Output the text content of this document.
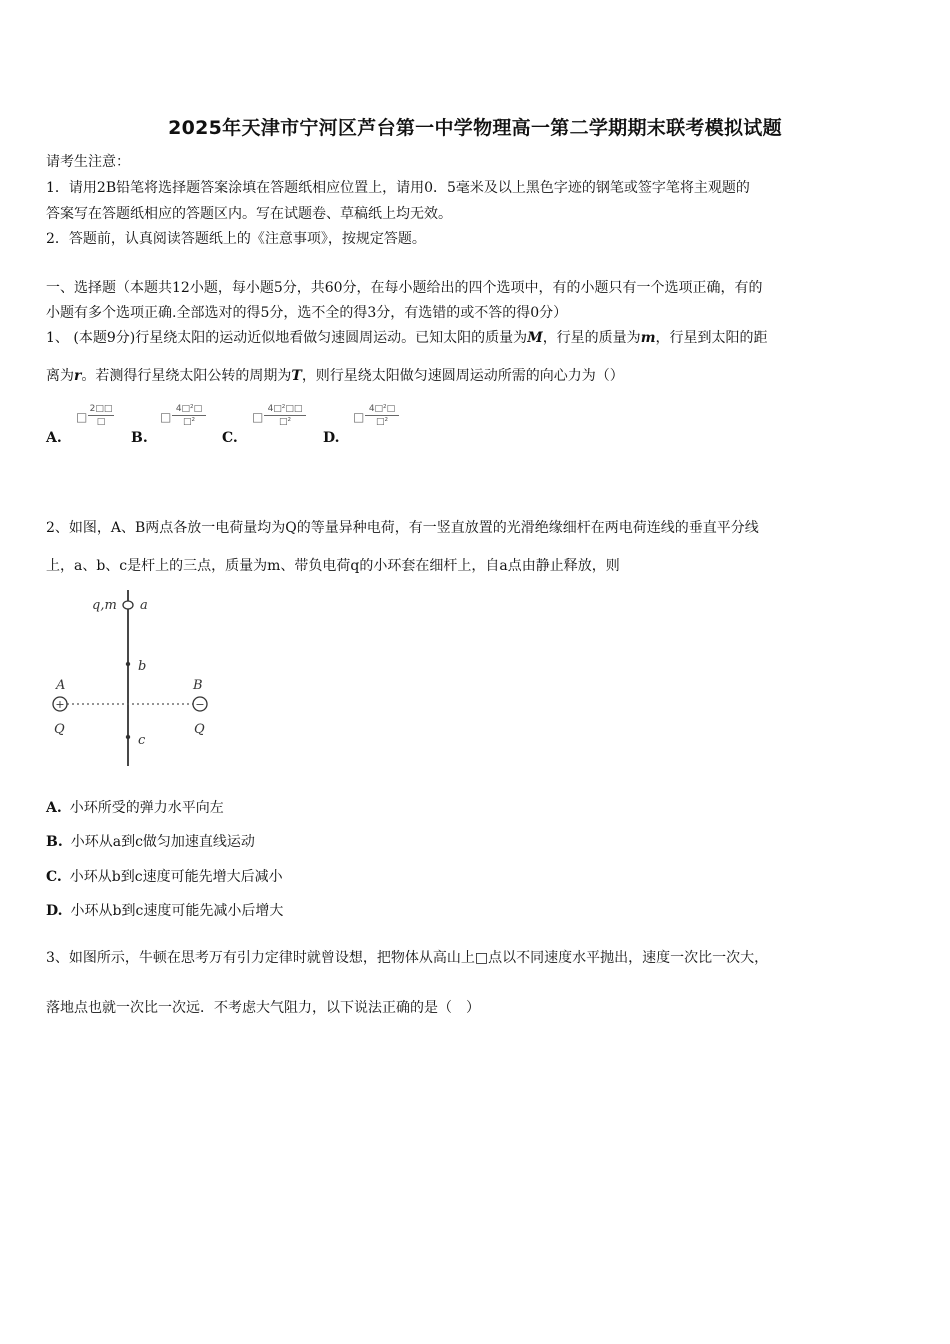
2025年天津市宁河区芦台第一中学物理高一第二学期期末联考模拟试题
请考生注意：
1．请用2B铅笔将选择题答案涂填在答题纸相应位置上，请用0．5毫米及以上黑色字迹的钢笔或签字笔将主观题的
答案写在答题纸相应的答题区内。写在试题卷、草稿纸上均无效。
2．答题前，认真阅读答题纸上的《注意事项》，按规定答题。
一、选择题（本题共12小题，每小题5分，共60分，在每小题给出的四个选项中，有的小题只有一个选项正确，有的
小题有多个选项正确.全部选对的得5分，选不全的得3分，有选错的或不答的得0分）
1、 (本题9分)行星绕太阳的运动近似地看做匀速圆周运动。已知太阳的质量为M，行星的质量为m，行星到太阳的距
离为r。若测得行星绕太阳公转的周期为T，则行星绕太阳做匀速圆周运动所需的向心力为（）
A.
□
2□□
□
B.
□
4□²□
□²
C.
□
4□²□□
□²
D.
□
4□²□
□²
2、如图，A、B两点各放一电荷量均为Q的等量异种电荷，有一竖直放置的光滑绝缘细杆在两电荷连线的垂直平分线
上，a、b、c是杆上的三点，质量为m、带负电荷q的小环套在细杆上，自a点由静止释放，则
q,m a
b
+
A
Q
−
B
Q
c
A. 小环所受的弹力水平向左
B. 小环从a到c做匀加速直线运动
C. 小环从b到c速度可能先增大后减小
D. 小环从b到c速度可能先减小后增大
3、如图所示，牛顿在思考万有引力定律时就曾设想，把物体从高山上□点以不同速度水平抛出，速度一次比一次大，
落地点也就一次比一次远．不考虑大气阻力，以下说法正确的是（　）
